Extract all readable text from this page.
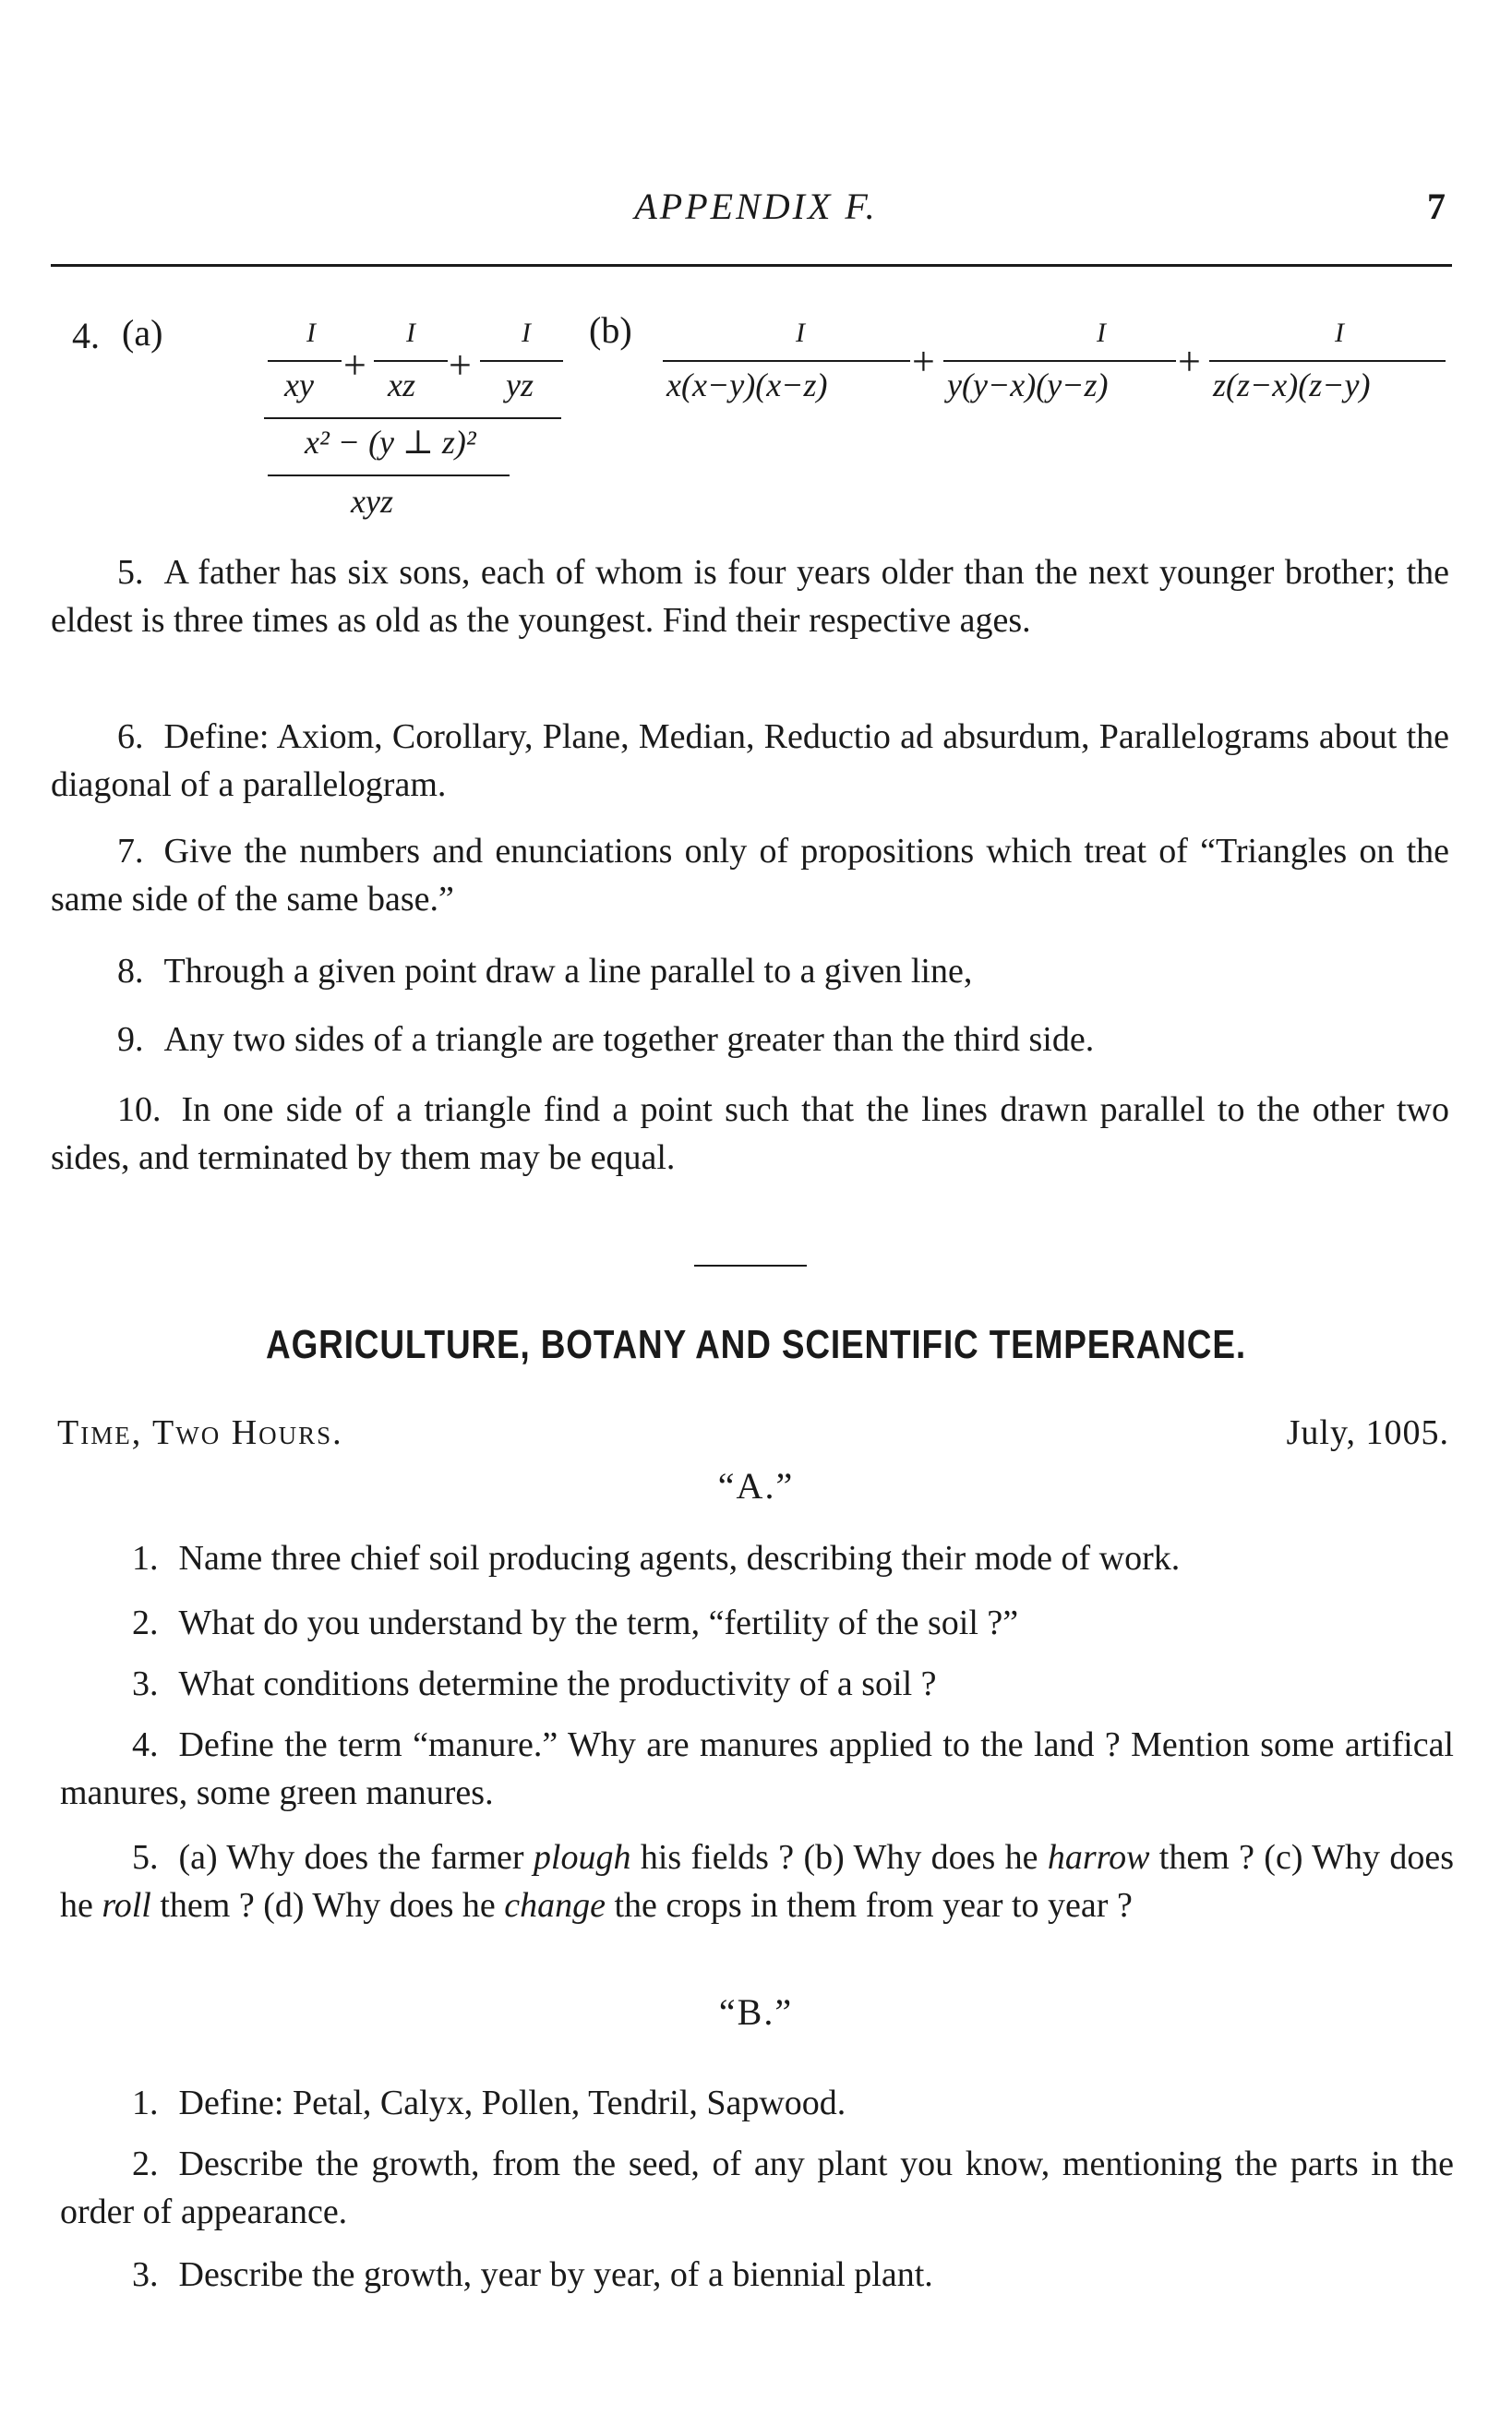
APPENDIX F.	7
4. (a)	I
xy +
I
xz +
I
yz
x² − (y ⊥ z)²
xyz
(b)	I
x(x−y)(x−z)
+
I
y(y−x)(y−z)
+
I
z(z−x)(z−y)
5. A father has six sons, each of whom is four years older than the next younger brother; the eldest is three times as old as the youngest. Find their respective ages.
6. Define: Axiom, Corollary, Plane, Median, Reductio ad absurdum, Parallelograms about the diagonal of a parallelogram.
7. Give the numbers and enunciations only of propositions which treat of “Triangles on the same side of the same base.”
8. Through a given point draw a line parallel to a given line,
9. Any two sides of a triangle are together greater than the third side.
10. In one side of a triangle find a point such that the lines drawn parallel to the other two sides, and terminated by them may be equal.
AGRICULTURE, BOTANY AND SCIENTIFIC TEMPERANCE.
Time, Two Hours.	July, 1005.
“A.”
1. Name three chief soil producing agents, describing their mode of work.
2. What do you understand by the term, “fertility of the soil ?”
3. What conditions determine the productivity of a soil ?
4. Define the term “manure.” Why are manures applied to the land ? Mention some artifical manures, some green manures.
5. (a) Why does the farmer plough his fields ? (b) Why does he harrow them ? (c) Why does he roll them ? (d) Why does he change the crops in them from year to year ?
“B.”
1. Define: Petal, Calyx, Pollen, Tendril, Sapwood.
2. Describe the growth, from the seed, of any plant you know, mentioning the parts in the order of appearance.
3. Describe the growth, year by year, of a biennial plant.
